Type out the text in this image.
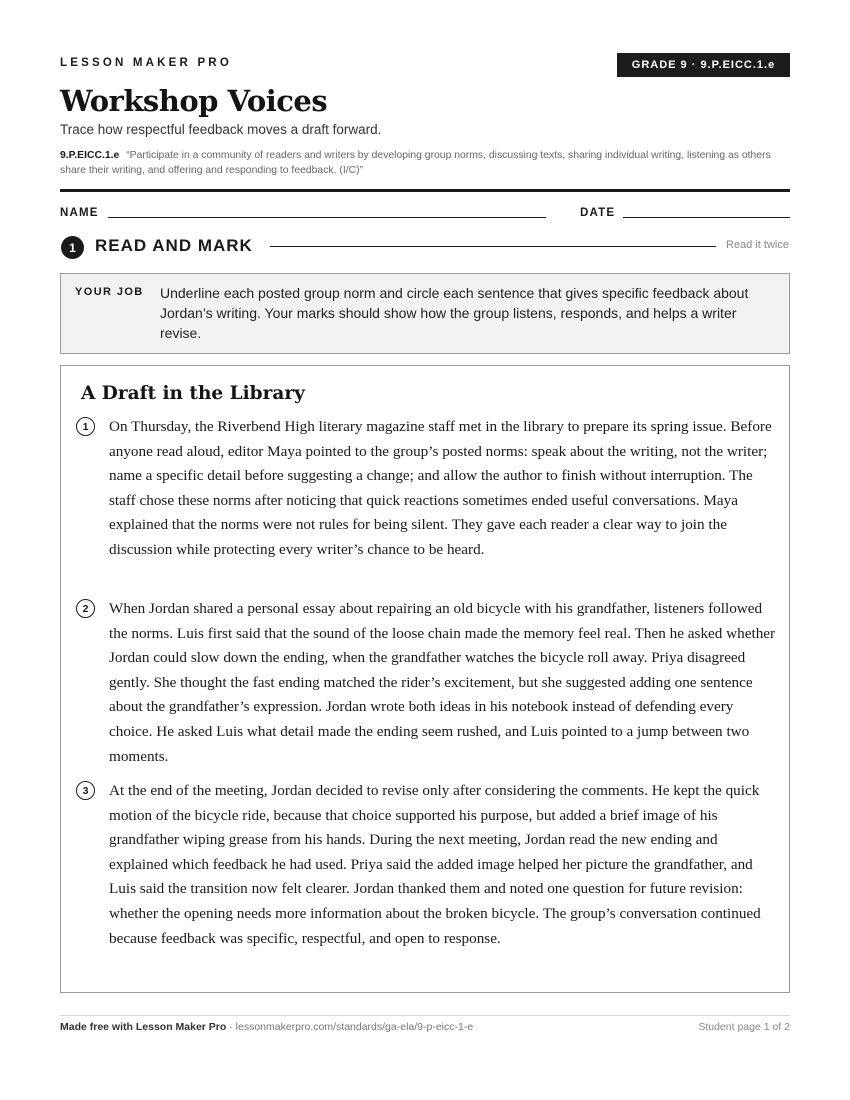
LESSON MAKER PRO	GRADE 9 · 9.P.EICC.1.e
Workshop Voices
Trace how respectful feedback moves a draft forward.
9.P.EICC.1.e “Participate in a community of readers and writers by developing group norms, discussing texts, sharing individual writing, listening as others share their writing, and offering and responding to feedback. (I/C)”
NAME	DATE
1	READ AND MARK	Read it twice
YOUR JOB Underline each posted group norm and circle each sentence that gives specific feedback about Jordan’s writing. Your marks should show how the group listens, responds, and helps a writer revise.
A Draft in the Library
1	On Thursday, the Riverbend High literary magazine staff met in the library to prepare its spring issue. Before anyone read aloud, editor Maya pointed to the group’s posted norms: speak about the writing, not the writer; name a specific detail before suggesting a change; and allow the author to finish without interruption. The staff chose these norms after noticing that quick reactions sometimes ended useful conversations. Maya explained that the norms were not rules for being silent. They gave each reader a clear way to join the discussion while protecting every writer’s chance to be heard.
2	When Jordan shared a personal essay about repairing an old bicycle with his grandfather, listeners followed the norms. Luis first said that the sound of the loose chain made the memory feel real. Then he asked whether Jordan could slow down the ending, when the grandfather watches the bicycle roll away. Priya disagreed gently. She thought the fast ending matched the rider’s excitement, but she suggested adding one sentence about the grandfather’s expression. Jordan wrote both ideas in his notebook instead of defending every choice. He asked Luis what detail made the ending seem rushed, and Luis pointed to a jump between two moments.
3	At the end of the meeting, Jordan decided to revise only after considering the comments. He kept the quick motion of the bicycle ride, because that choice supported his purpose, but added a brief image of his grandfather wiping grease from his hands. During the next meeting, Jordan read the new ending and explained which feedback he had used. Priya said the added image helped her picture the grandfather, and Luis said the transition now felt clearer. Jordan thanked them and noted one question for future revision: whether the opening needs more information about the broken bicycle. The group’s conversation continued because feedback was specific, respectful, and open to response.
Made free with Lesson Maker Pro · lessonmakerpro.com/standards/ga-ela/9-p-eicc-1-e	Student page 1 of 2
